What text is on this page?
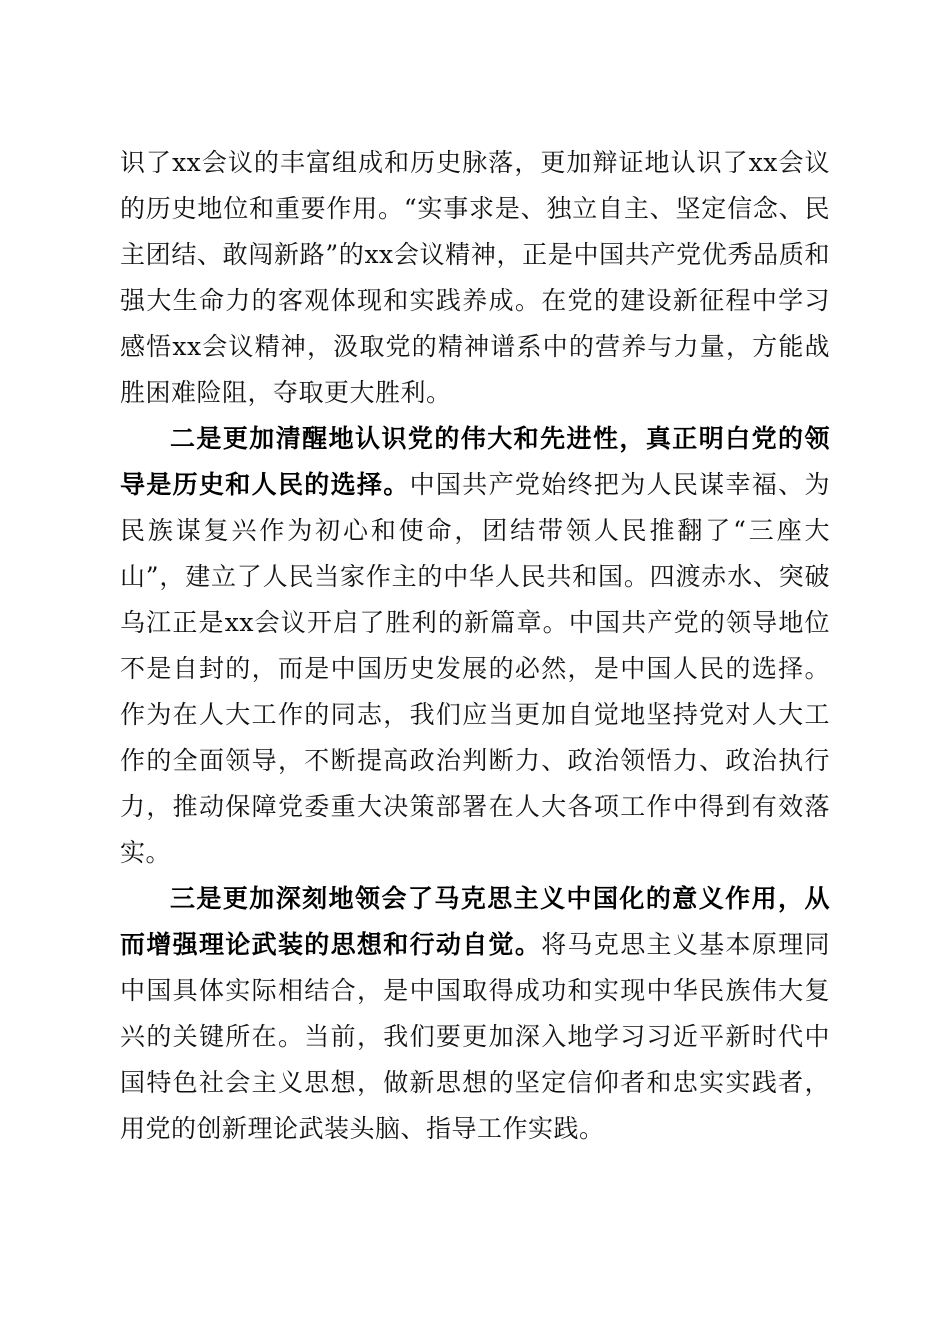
识了xx会议的丰富组成和历史脉落，更加辩证地认识了xx会议的历史地位和重要作用。“实事求是、独立自主、坚定信念、民主团结、敢闯新路”的xx会议精神，正是中国共产党优秀品质和强大生命力的客观体现和实践养成。在党的建设新征程中学习感悟xx会议精神，汲取党的精神谱系中的营养与力量，方能战胜困难险阻，夺取更大胜利。

二是更加清醒地认识党的伟大和先进性，真正明白党的领导是历史和人民的选择。中国共产党始终把为人民谋幸福、为民族谋复兴作为初心和使命，团结带领人民推翻了“三座大山”，建立了人民当家作主的中华人民共和国。四渡赤水、突破乌江正是xx会议开启了胜利的新篇章。中国共产党的领导地位不是自封的，而是中国历史发展的必然，是中国人民的选择。作为在人大工作的同志，我们应当更加自觉地坚持党对人大工作的全面领导，不断提高政治判断力、政治领悟力、政治执行力，推动保障党委重大决策部署在人大各项工作中得到有效落实。

三是更加深刻地领会了马克思主义中国化的意义作用，从而增强理论武装的思想和行动自觉。将马克思主义基本原理同中国具体实际相结合，是中国取得成功和实现中华民族伟大复兴的关键所在。当前，我们要更加深入地学习习近平新时代中国特色社会主义思想，做新思想的坚定信仰者和忠实实践者，用党的创新理论武装头脑、指导工作实践。
